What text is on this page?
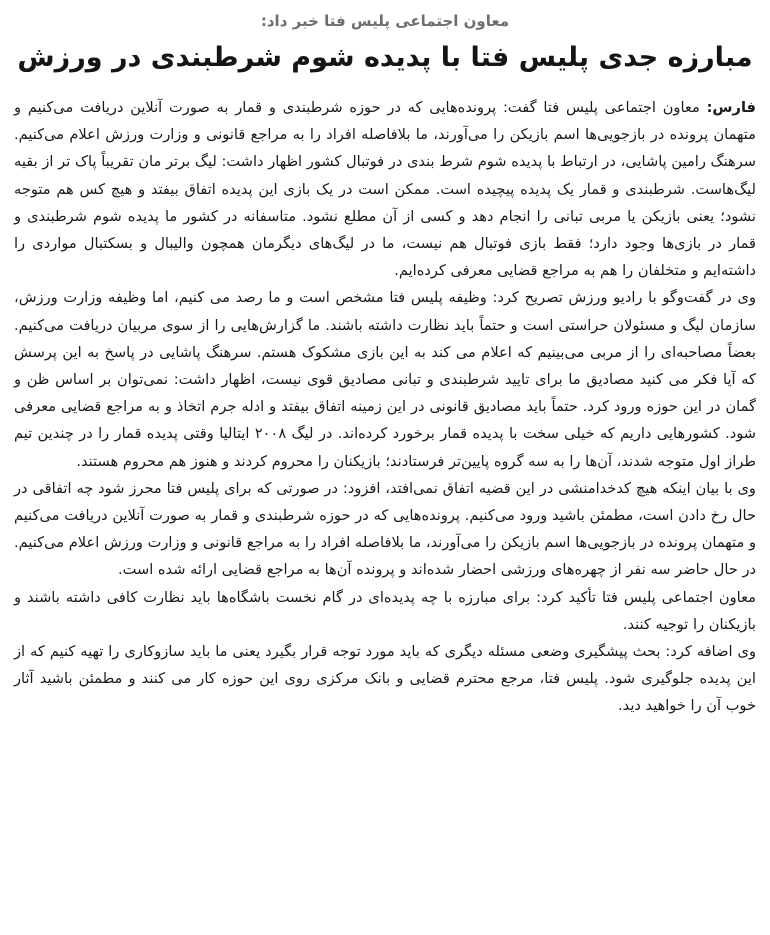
معاون اجتماعی پلیس فتا خبر داد:
مبارزه جدی پلیس فتا با پدیده شوم شرطبندی در ورزش

فارس: معاون اجتماعی پلیس فتا گفت: پرونده‌هایی که در حوزه شرطبندی و قمار به صورت آنلاین دریافت می‌کنیم و متهمان پرونده در بازجویی‌ها اسم بازیکن را می‌آورند، ما بلافاصله افراد را به مراجع قانونی و وزارت ورزش اعلام می‌کنیم. سرهنگ رامین پاشایی، در ارتباط با پدیده شوم شرط بندی در فوتبال کشور اظهار داشت: لیگ برتر مان تقریباً پاک تر از بقیه لیگ‌هاست. شرطبندی و قمار یک پدیده پیچیده است. ممکن است در یک بازی این پدیده اتفاق بیفتد و هیچ کس هم متوجه نشود؛ یعنی بازیکن یا مربی تبانی را انجام دهد و کسی از آن مطلع نشود. متاسفانه در کشور ما پدیده شوم شرطبندی و قمار در بازی‌ها وجود دارد؛ فقط بازی فوتبال هم نیست، ما در لیگ‌های دیگرمان همچون والیبال و بسکتبال مواردی را داشته‌ایم و متخلفان را هم به مراجع قضایی معرفی کرده‌ایم.

وی در گفت‌وگو با رادیو ورزش تصریح کرد: وظیفه پلیس فتا مشخص است و ما رصد می کنیم، اما وظیفه وزارت ورزش، سازمان لیگ و مسئولان حراستی است و حتماً باید نظارت داشته باشند. ما گزارش‌هایی را از سوی مربیان دریافت می‌کنیم. بعضاً مصاحبه‌ای را از مربی می‌بینیم که اعلام می کند به این بازی مشکوک هستم. سرهنگ پاشایی در پاسخ به این پرسش که آیا فکر می کنید مصادیق ما برای تایید شرطبندی و تبانی مصادیق قوی نیست، اظهار داشت: نمی‌توان بر اساس ظن و گمان در این حوزه ورود کرد. حتماً باید مصادیق قانونی در این زمینه اتفاق بیفتد و ادله جرم اتخاذ و به مراجع قضایی معرفی شود. کشورهایی داریم که خیلی سخت با پدیده قمار برخورد کرده‌اند. در لیگ ۲۰۰۸ ایتالیا وقتی پدیده قمار را در چندین تیم طراز اول متوجه شدند، آن‌ها را به سه گروه پایین‌تر فرستادند؛ بازیکنان را محروم کردند و هنوز هم محروم هستند.

وی با بیان اینکه هیچ کدخدامنشی در این قضیه اتفاق نمی‌افتد، افزود: در صورتی که برای پلیس فتا محرز شود چه اتفاقی در حال رخ دادن است، مطمئن باشید ورود می‌کنیم. پرونده‌هایی که در حوزه شرطبندی و قمار به صورت آنلاین دریافت می‌کنیم و متهمان پرونده در بازجویی‌ها اسم بازیکن را می‌آورند، ما بلافاصله افراد را به مراجع قانونی و وزارت ورزش اعلام می‌کنیم. در حال حاضر سه نفر از چهره‌های ورزشی احضار شده‌اند و پرونده آن‌ها به مراجع قضایی ارائه شده است.

معاون اجتماعی پلیس فتا تأکید کرد: برای مبارزه با چه پدیده‌ای در گام نخست باشگاه‌ها باید نظارت کافی داشته باشند و بازیکنان را توجیه کنند.

وی اضافه کرد: بحث پیشگیری وضعی مسئله دیگری که باید مورد توجه قرار بگیرد یعنی ما باید سازوکاری را تهیه کنیم که از این پدیده جلوگیری شود. پلیس فتا، مرجع محترم قضایی و بانک مرکزی روی این حوزه کار می کنند و مطمئن باشید آثار خوب آن را خواهید دید.
